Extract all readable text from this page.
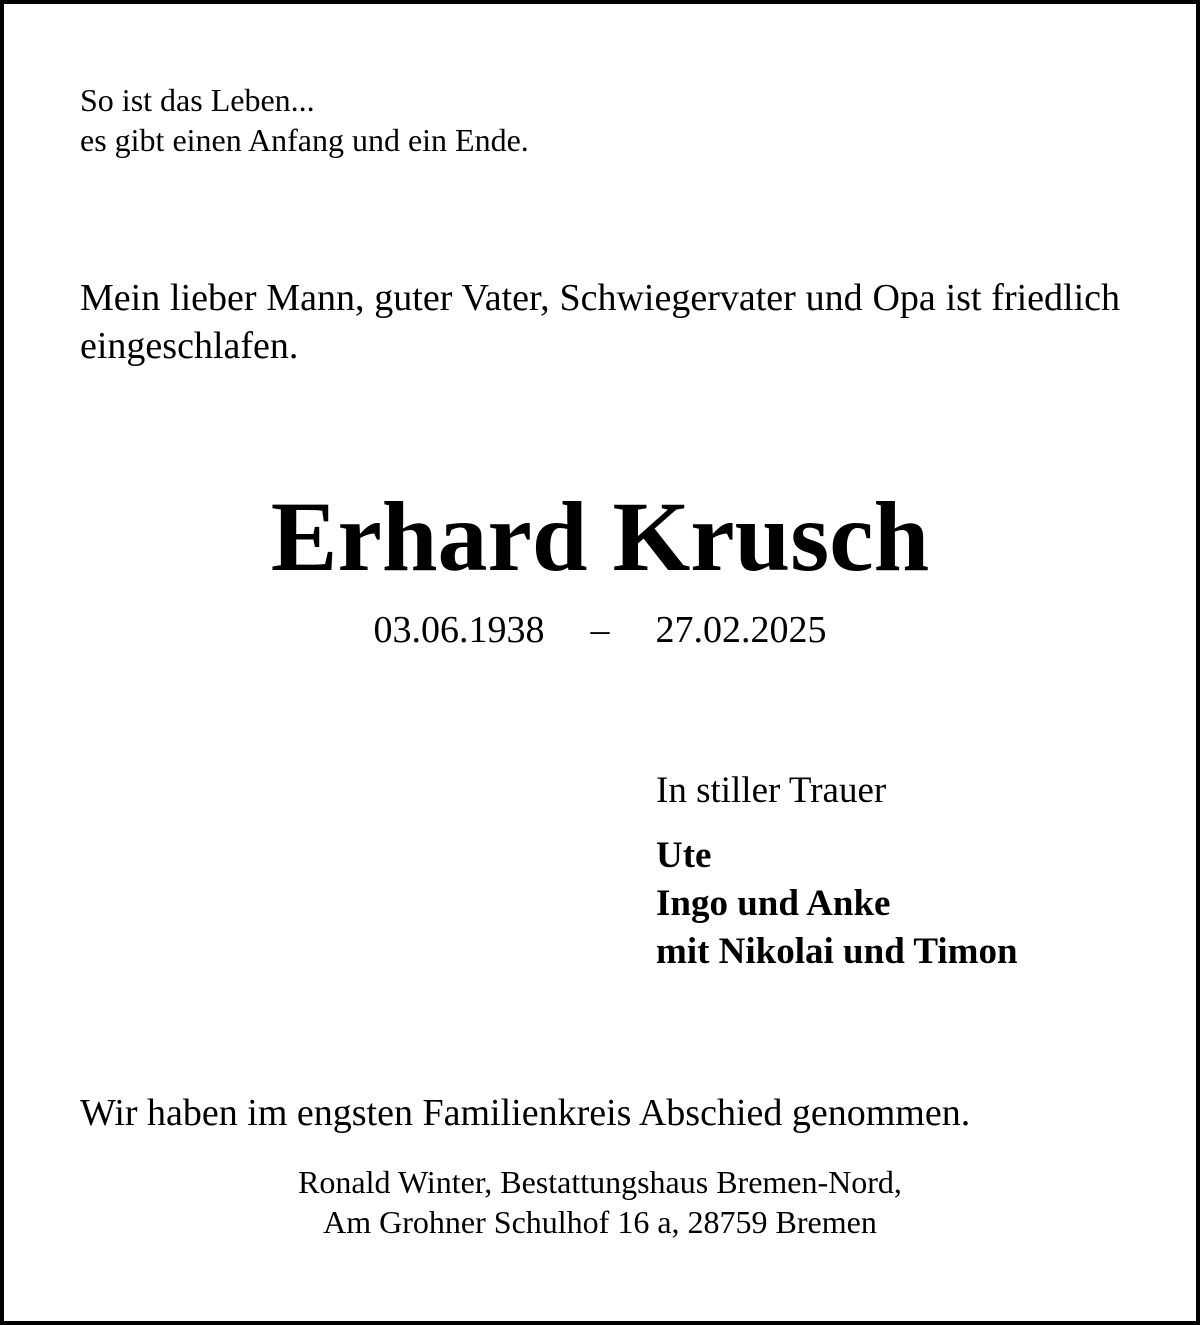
So ist das Leben...
es gibt einen Anfang und ein Ende.
Mein lieber Mann, guter Vater, Schwiegervater und Opa ist friedlich eingeschlafen.
Erhard Krusch
03.06.1938 – 27.02.2025
In stiller Trauer
Ute
Ingo und Anke
mit Nikolai und Timon
Wir haben im engsten Familienkreis Abschied genommen.
Ronald Winter, Bestattungshaus Bremen-Nord,
Am Grohner Schulhof 16 a, 28759 Bremen
